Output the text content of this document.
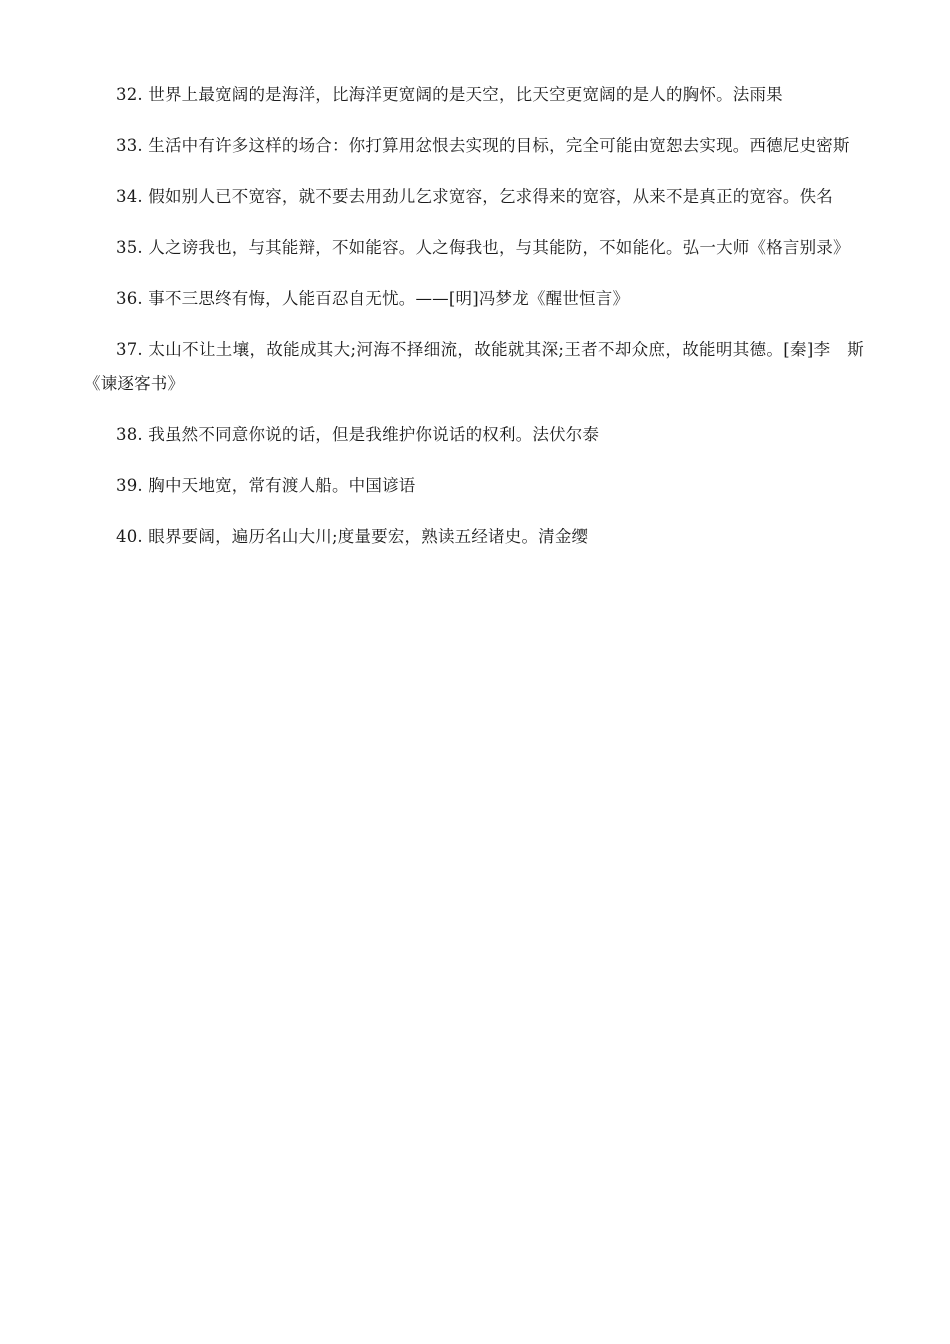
32. 世界上最宽阔的是海洋，比海洋更宽阔的是天空，比天空更宽阔的是人的胸怀。法雨果

33. 生活中有许多这样的场合：你打算用忿恨去实现的目标，完全可能由宽恕去实现。西德尼史密斯

34. 假如别人已不宽容，就不要去用劲儿乞求宽容，乞求得来的宽容，从来不是真正的宽容。佚名

35. 人之谤我也，与其能辩，不如能容。人之侮我也，与其能防，不如能化。弘一大师《格言别录》

36. 事不三思终有悔，人能百忍自无忧。——[明]冯梦龙《醒世恒言》

37. 太山不让土壤，故能成其大;河海不择细流，故能就其深;王者不却众庶，故能明其德。[秦]李　斯《谏逐客书》

38. 我虽然不同意你说的话，但是我维护你说话的权利。法伏尔泰

39. 胸中天地宽，常有渡人船。中国谚语

40. 眼界要阔，遍历名山大川;度量要宏，熟读五经诸史。清金缨
